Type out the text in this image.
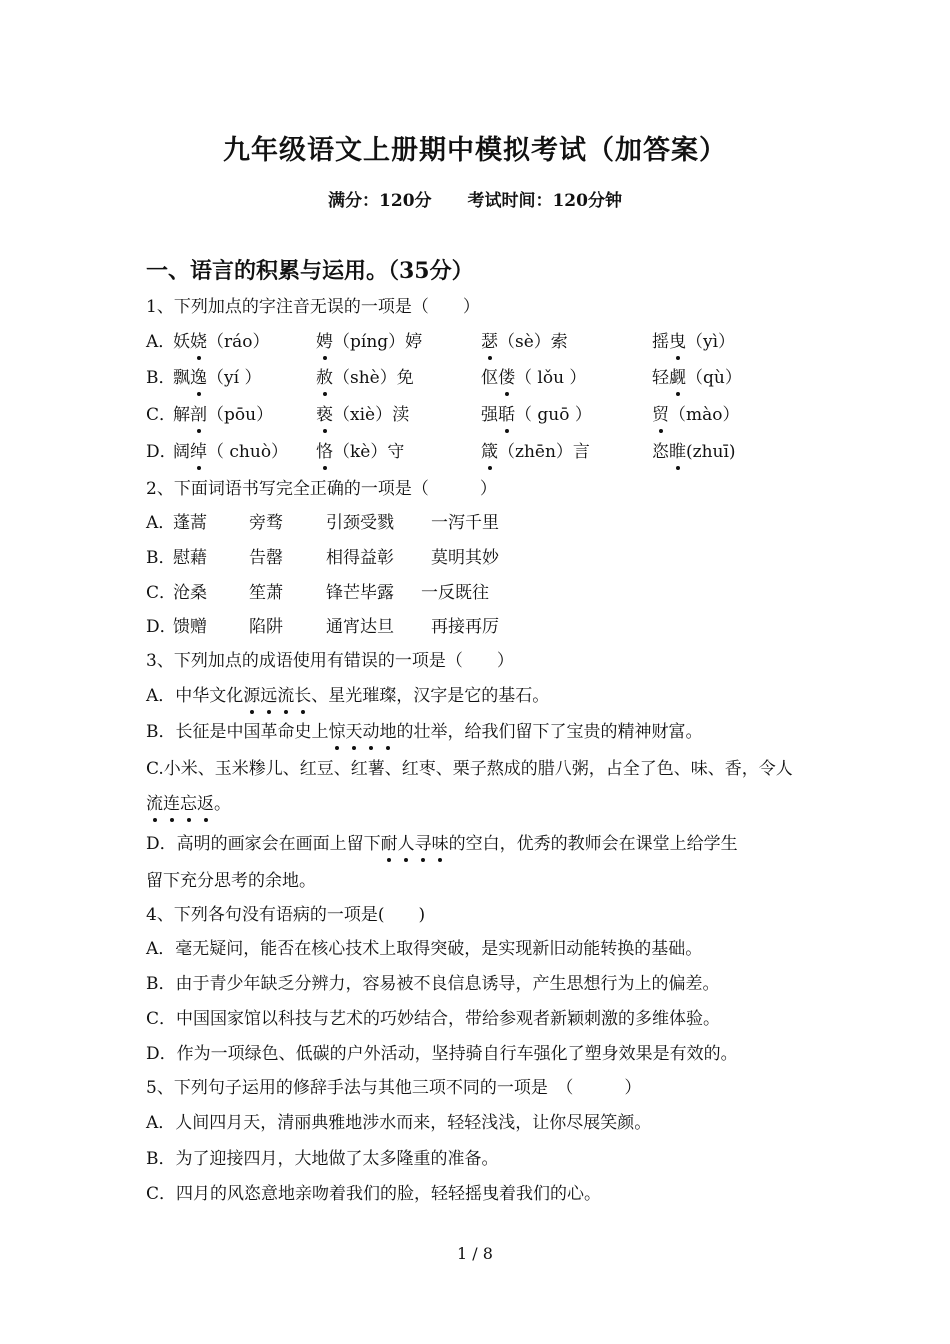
九年级语文上册期中模拟考试（加答案）
满分：120分 考试时间：120分钟
一、语言的积累与运用。（35分）
1、下列加点的字注音无误的一项是（　　）
A．
妖娆（ráo）	娉（píng）婷	瑟（sè）索	摇曳（yì）
B．
飘逸（yí ）	赦（shè）免	伛偻（ lǒu ）	轻觑（qù）
C．
解剖（pōu）	亵（xiè）渎	强聒（ guō ）	贸（mào）
D．
阔绰（ chuò） 恪（kè）守	箴（zhēn）言	恣睢(zhuī)
2、下面词语书写完全正确的一项是（　　　）
A．
蓬蒿 旁骛	引颈受戮 一泻千里
B．
慰藉 告罄	相得益彰 莫明其妙
C．
沧桑 笙萧	锋芒毕露 一反既往
D．
馈赠 陷阱	通宵达旦 再接再厉
3、下列加点的成语使用有错误的一项是（　　）
A．中华文化源远流长、星光璀璨，汉字是它的基石。
B．长征是中国革命史上惊天动地的壮举，给我们留下了宝贵的精神财富。
C.小米、玉米糁儿、红豆、红薯、红枣、栗子熬成的腊八粥，占全了色、味、香，令人
流连忘返。
D．高明的画家会在画面上留下耐人寻味的空白，优秀的教师会在课堂上给学生
留下充分思考的余地。
4、下列各句没有语病的一项是(　　)
A．毫无疑问，能否在核心技术上取得突破，是实现新旧动能转换的基础。
B．由于青少年缺乏分辨力，容易被不良信息诱导，产生思想行为上的偏差。
C．中国国家馆以科技与艺术的巧妙结合，带给参观者新颖刺激的多维体验。
D．作为一项绿色、低碳的户外活动，坚持骑自行车强化了塑身效果是有效的。
5、下列句子运用的修辞手法与其他三项不同的一项是　（　　　）
A．人间四月天，清丽典雅地涉水而来，轻轻浅浅，让你尽展笑颜。
B．为了迎接四月，大地做了太多隆重的准备。
C．四月的风恣意地亲吻着我们的脸，轻轻摇曳着我们的心。
1 / 8
